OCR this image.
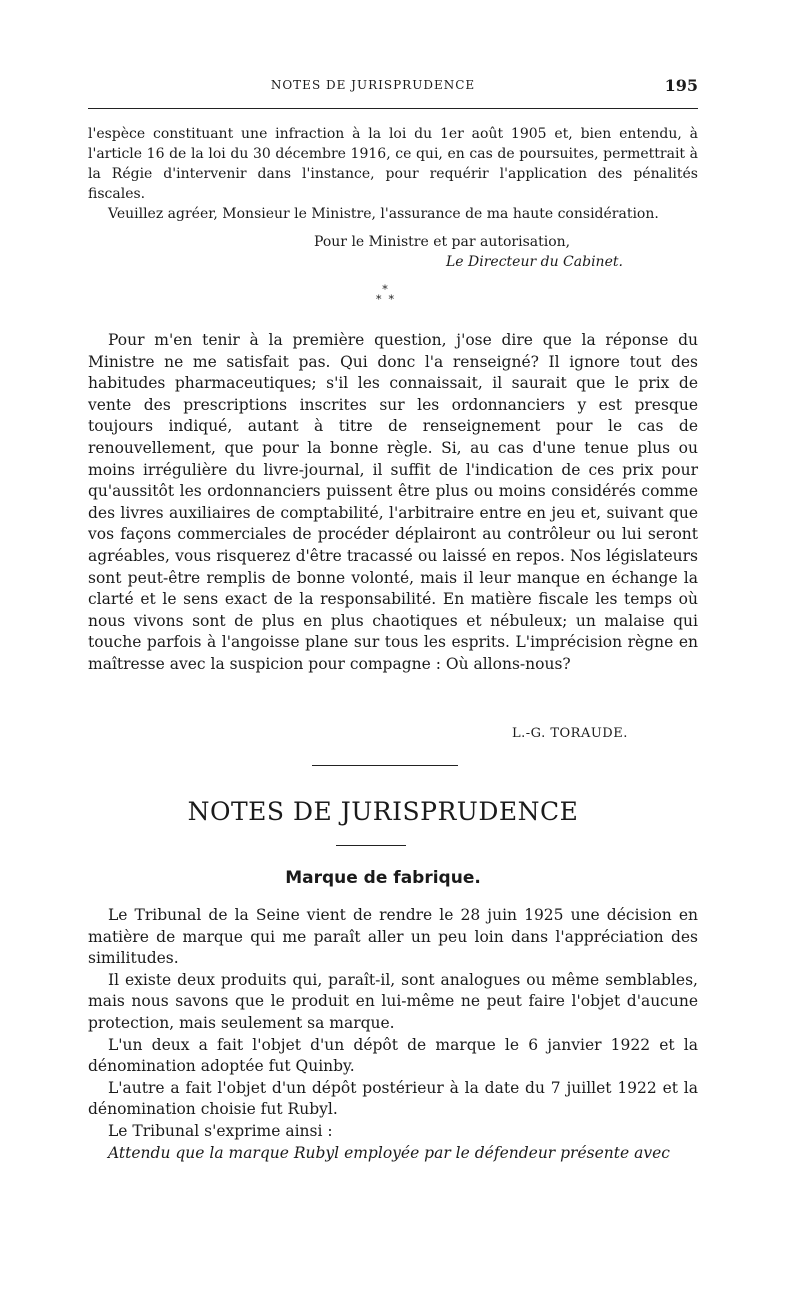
NOTES DE JURISPRUDENCE	195

l'espèce constituant une infraction à la loi du 1er août 1905 et, bien entendu, à l'article 16 de la loi du 30 décembre 1916, ce qui, en cas de poursuites, permettrait à la Régie d'intervenir dans l'instance, pour requérir l'application des pénalités fiscales.

Veuillez agréer, Monsieur le Ministre, l'assurance de ma haute considération.

Pour le Ministre et par autorisation,
Le Directeur du Cabinet.
*
*  *

Pour m'en tenir à la première question, j'ose dire que la réponse du Ministre ne me satisfait pas. Qui donc l'a renseigné? Il ignore tout des habitudes pharmaceutiques; s'il les connaissait, il saurait que le prix de vente des prescriptions inscrites sur les ordonnanciers y est presque toujours indiqué, autant à titre de renseignement pour le cas de renouvellement, que pour la bonne règle. Si, au cas d'une tenue plus ou moins irrégulière du livre-journal, il suffit de l'indication de ces prix pour qu'aussitôt les ordonnanciers puissent être plus ou moins considérés comme des livres auxiliaires de comptabilité, l'arbitraire entre en jeu et, suivant que vos façons commerciales de procéder déplairont au contrôleur ou lui seront agréables, vous risquerez d'être tracassé ou laissé en repos. Nos législateurs sont peut-être remplis de bonne volonté, mais il leur manque en échange la clarté et le sens exact de la responsabilité. En matière fiscale les temps où nous vivons sont de plus en plus chaotiques et nébuleux; un malaise qui touche parfois à l'angoisse plane sur tous les esprits. L'imprécision règne en maîtresse avec la suspicion pour compagne : Où allons-nous?

L.-G. TORAUDE.
NOTES DE JURISPRUDENCE
Marque de fabrique.

Le Tribunal de la Seine vient de rendre le 28 juin 1925 une décision en matière de marque qui me paraît aller un peu loin dans l'appréciation des similitudes.

Il existe deux produits qui, paraît-il, sont analogues ou même semblables, mais nous savons que le produit en lui-même ne peut faire l'objet d'aucune protection, mais seulement sa marque.

L'un deux a fait l'objet d'un dépôt de marque le 6 janvier 1922 et la dénomination adoptée fut Quinby.

L'autre a fait l'objet d'un dépôt postérieur à la date du 7 juillet 1922 et la dénomination choisie fut Rubyl.

Le Tribunal s'exprime ainsi :

Attendu que la marque Rubyl employée par le défendeur présente avec
